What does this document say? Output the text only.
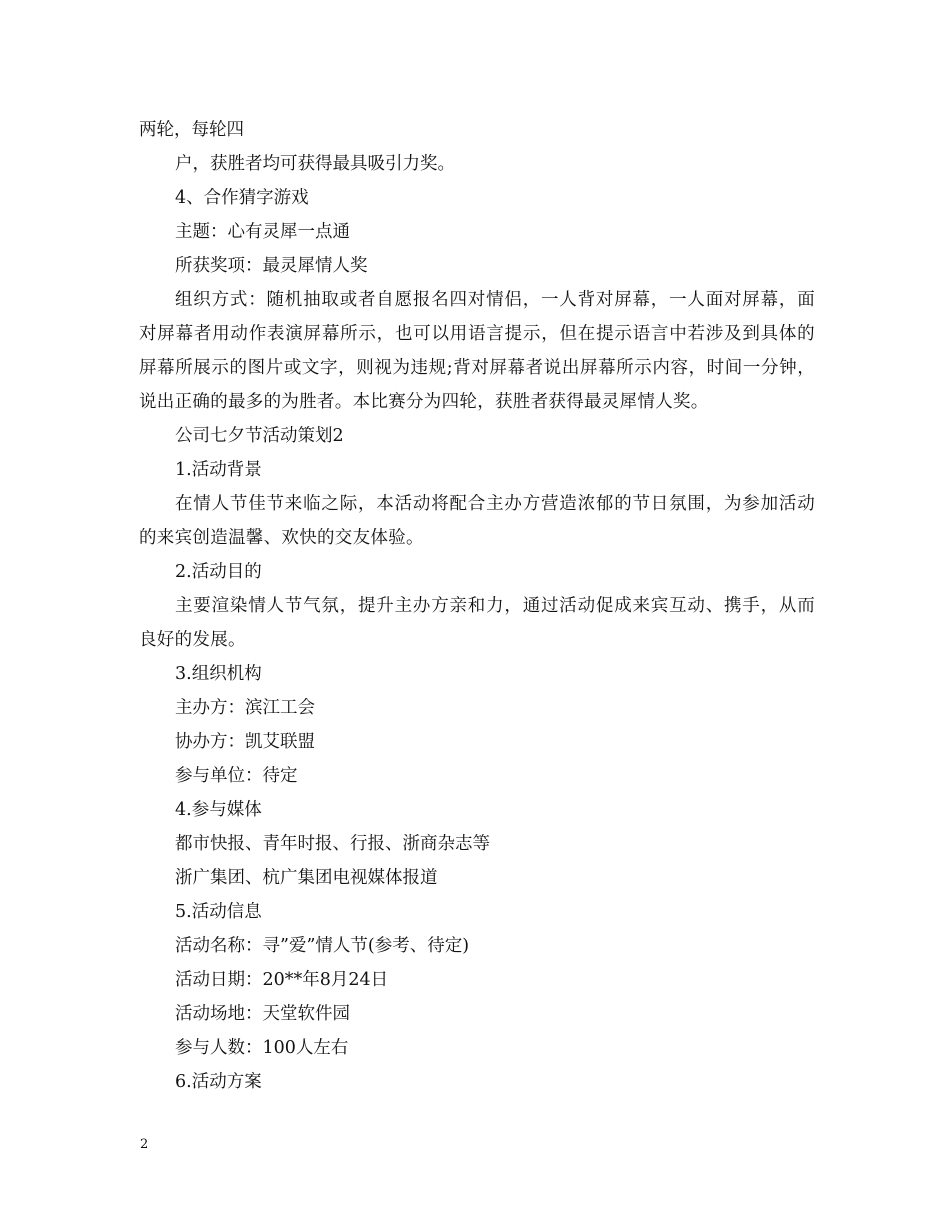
两轮，每轮四

户，获胜者均可获得最具吸引力奖。

4、合作猜字游戏

主题：心有灵犀一点通

所获奖项：最灵犀情人奖

组织方式：随机抽取或者自愿报名四对情侣，一人背对屏幕，一人面对屏幕，面对屏幕者用动作表演屏幕所示，也可以用语言提示，但在提示语言中若涉及到具体的屏幕所展示的图片或文字，则视为违规;背对屏幕者说出屏幕所示内容，时间一分钟，说出正确的最多的为胜者。本比赛分为四轮，获胜者获得最灵犀情人奖。

公司七夕节活动策划2

1.活动背景

在情人节佳节来临之际，本活动将配合主办方营造浓郁的节日氛围，为参加活动的来宾创造温馨、欢快的交友体验。

2.活动目的

主要渲染情人节气氛，提升主办方亲和力，通过活动促成来宾互动、携手，从而良好的发展。

3.组织机构

主办方：滨江工会

协办方：凯艾联盟

参与单位：待定

4.参与媒体

都市快报、青年时报、行报、浙商杂志等

浙广集团、杭广集团电视媒体报道

5.活动信息

活动名称：寻”爱”情人节(参考、待定)

活动日期：20**年8月24日

活动场地：天堂软件园

参与人数：100人左右

6.活动方案

2
